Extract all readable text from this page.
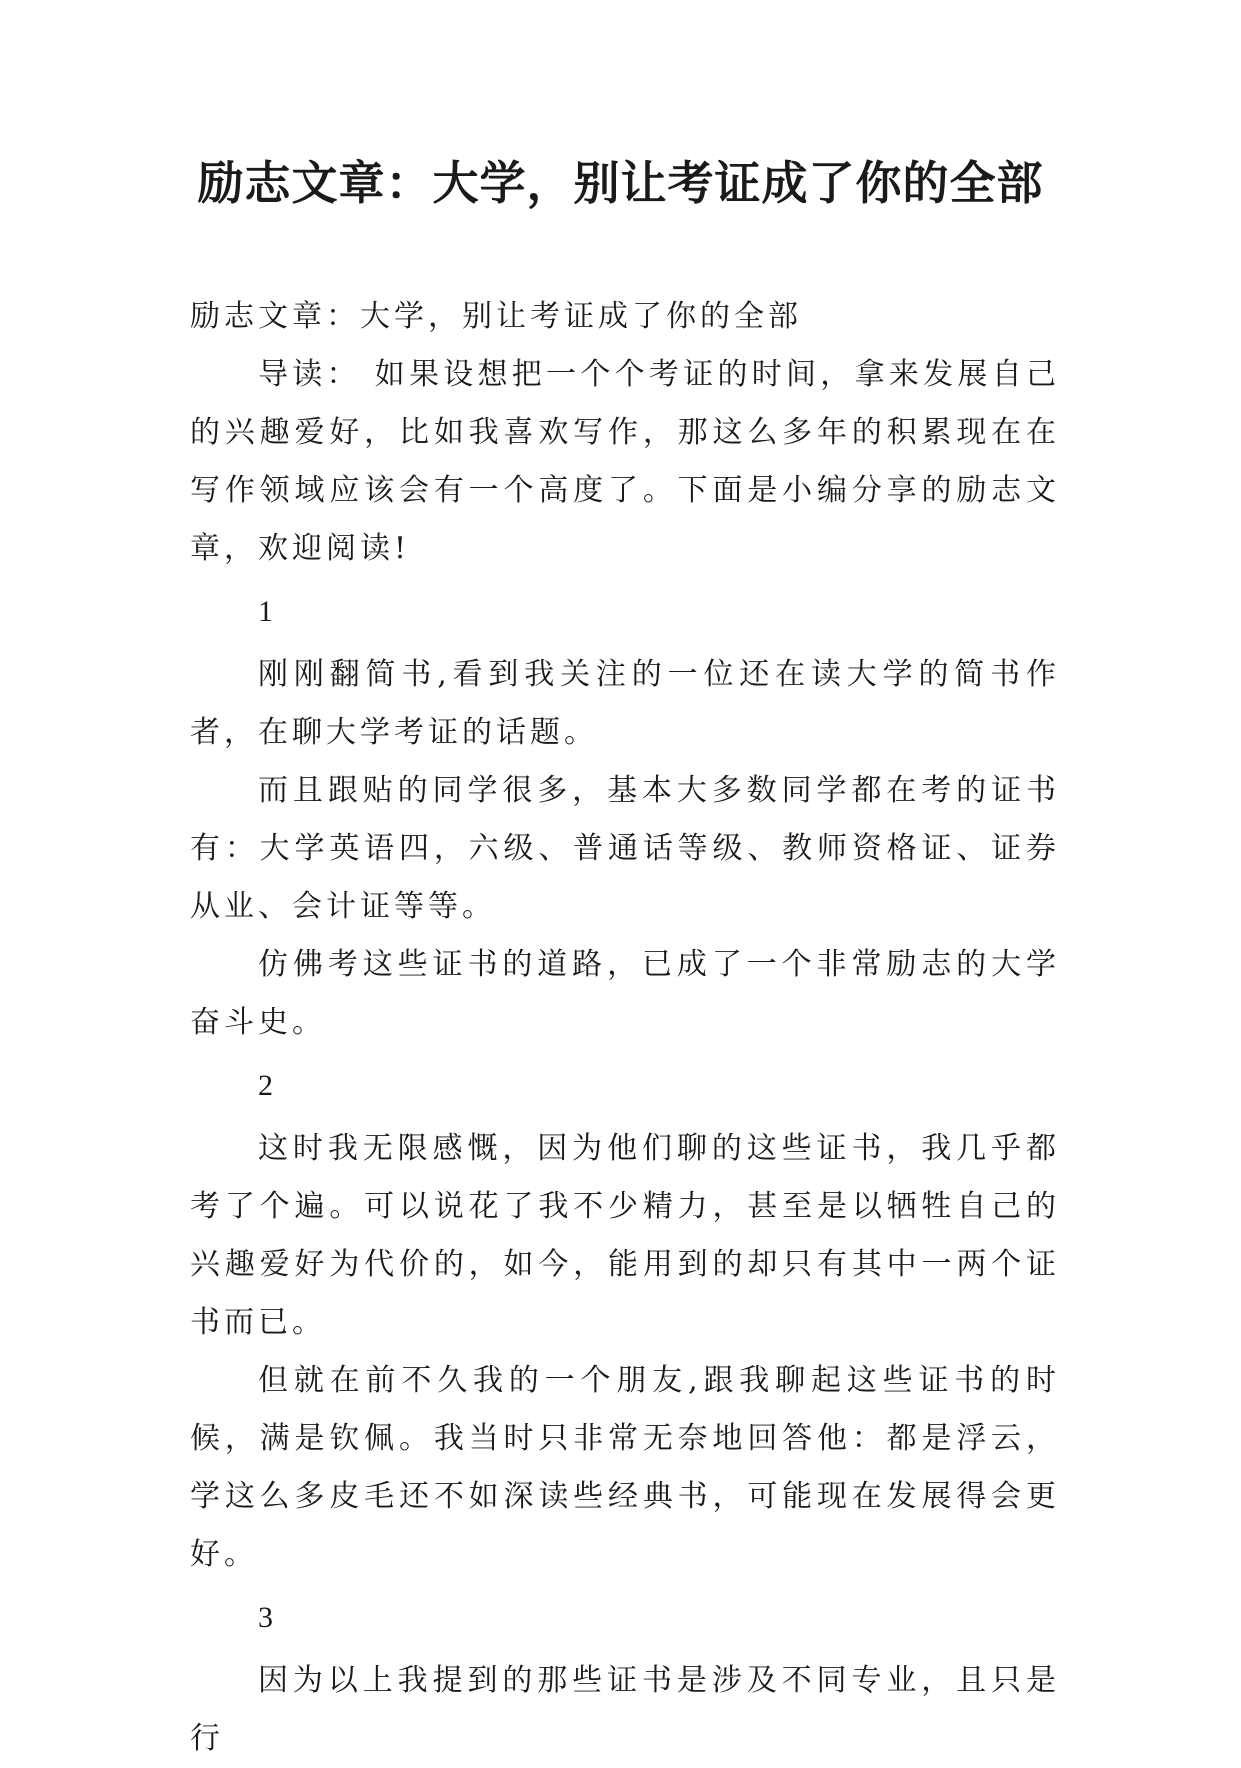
励志文章：大学，别让考证成了你的全部

励志文章：大学，别让考证成了你的全部

导读： 如果设想把一个个考证的时间，拿来发展自己的兴趣爱好，比如我喜欢写作，那这么多年的积累现在在写作领域应该会有一个高度了。下面是小编分享的励志文章，欢迎阅读!

1

刚刚翻简书,看到我关注的一位还在读大学的简书作者，在聊大学考证的话题。

而且跟贴的同学很多，基本大多数同学都在考的证书有：大学英语四，六级、普通话等级、教师资格证、证券从业、会计证等等。

仿佛考这些证书的道路，已成了一个非常励志的大学奋斗史。

2

这时我无限感慨，因为他们聊的这些证书，我几乎都考了个遍。可以说花了我不少精力，甚至是以牺牲自己的兴趣爱好为代价的，如今，能用到的却只有其中一两个证书而已。

但就在前不久我的一个朋友,跟我聊起这些证书的时候，满是钦佩。我当时只非常无奈地回答他：都是浮云，学这么多皮毛还不如深读些经典书，可能现在发展得会更好。

3

因为以上我提到的那些证书是涉及不同专业，且只是行
